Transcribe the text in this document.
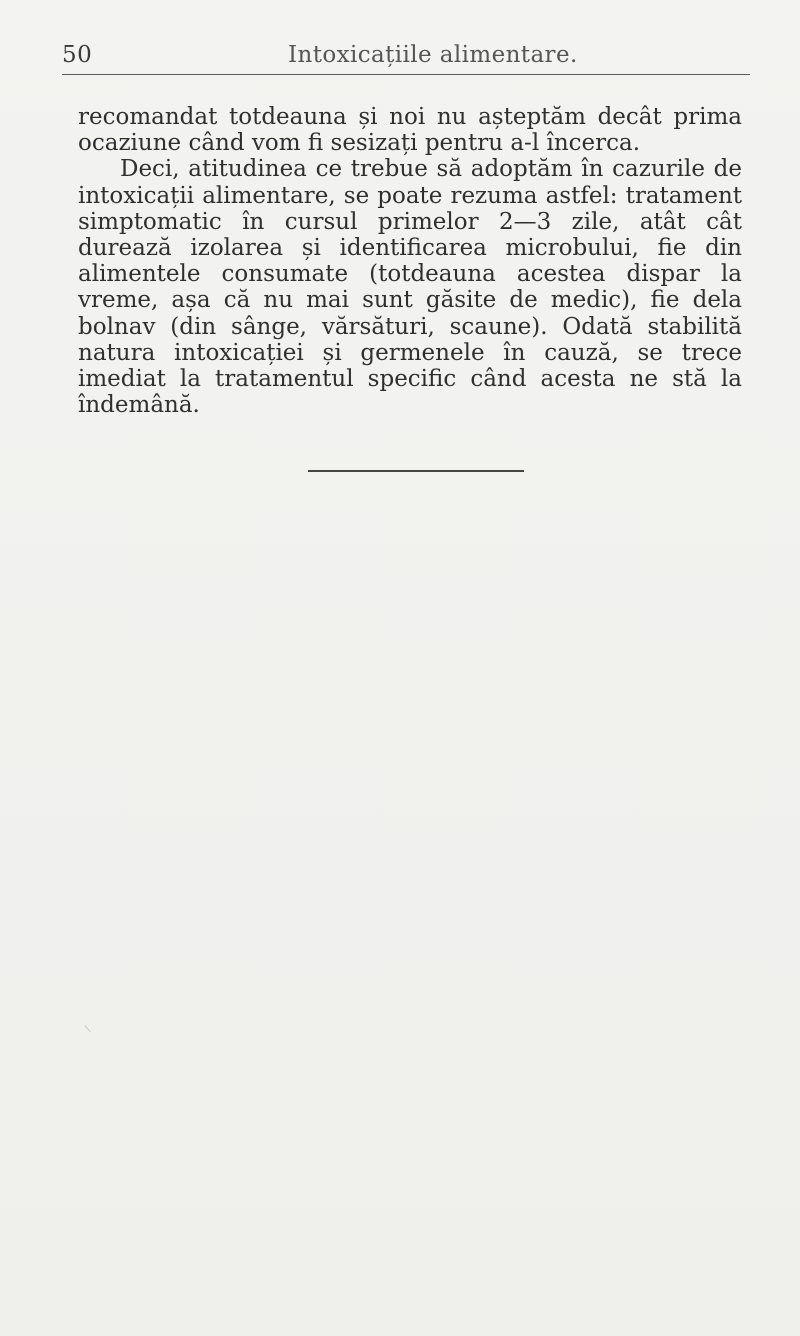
50	Intoxicațiile alimentare.

recomandat totdeauna și noi nu așteptăm decât prima ocaziune când vom fi sesizați pentru a-l încerca.

Deci, atitudinea ce trebue să adoptăm în cazurile de intoxicații alimentare, se poate rezuma astfel: tratament simptomatic în cursul primelor 2—3 zile, atât cât durează izolarea și identificarea microbului, fie din alimentele consumate (totdeauna acestea dispar la vreme, așa că nu mai sunt găsite de medic), fie dela bolnav (din sânge, vărsături, scaune). Odată stabilită natura intoxicației și germenele în cauză, se trece imediat la tratamentul specific când acesta ne stă la îndemână.
